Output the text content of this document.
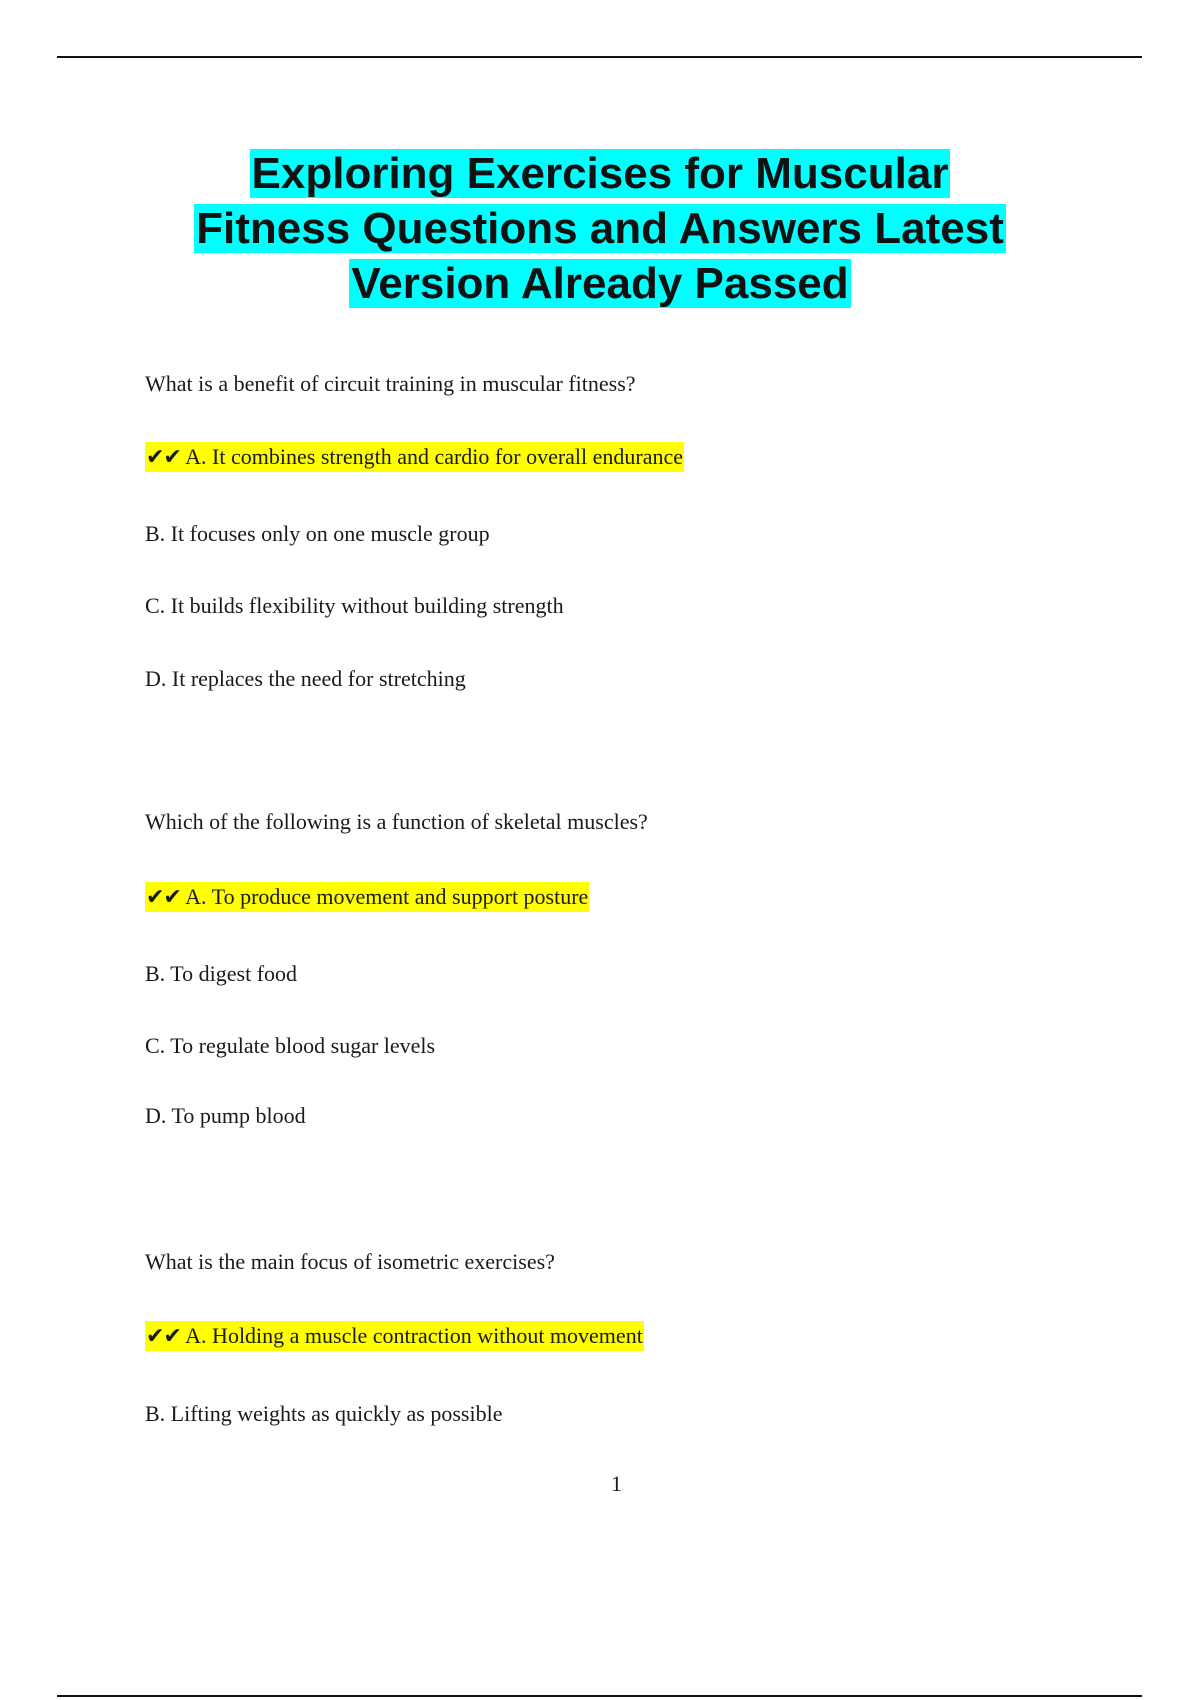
Exploring Exercises for Muscular
Fitness Questions and Answers Latest
Version Already Passed
What is a benefit of circuit training in muscular fitness?
✔✔ A. It combines strength and cardio for overall endurance
B. It focuses only on one muscle group
C. It builds flexibility without building strength
D. It replaces the need for stretching
Which of the following is a function of skeletal muscles?
✔✔ A. To produce movement and support posture
B. To digest food
C. To regulate blood sugar levels
D. To pump blood
What is the main focus of isometric exercises?
✔✔ A. Holding a muscle contraction without movement
B. Lifting weights as quickly as possible
1
